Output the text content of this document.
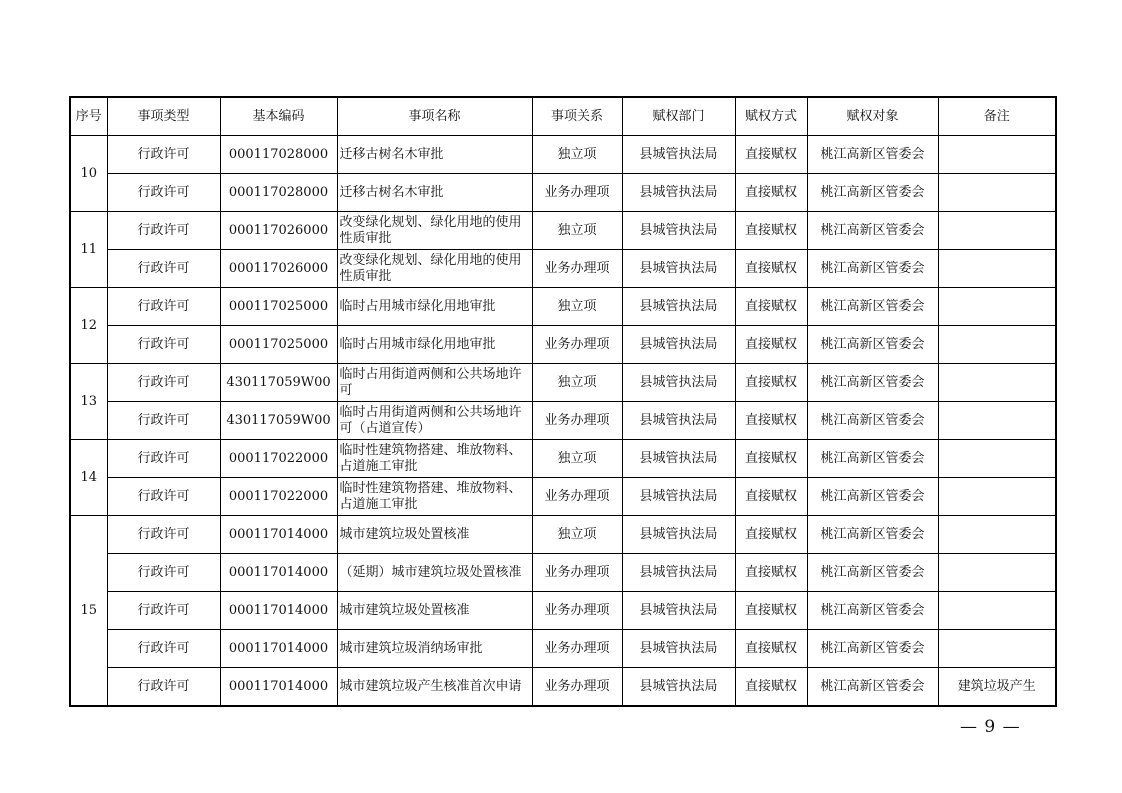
序号	事项类型	基本编码	事项名称	事项关系	赋权部门	赋权方式	赋权对象	备注
10	行政许可	000117028000	迁移古树名木审批	独立项	县城管执法局	直接赋权	桃江高新区管委会	
	行政许可	000117028000	迁移古树名木审批	业务办理项	县城管执法局	直接赋权	桃江高新区管委会	
11	行政许可	000117026000	改变绿化规划、绿化用地的使用性质审批	独立项	县城管执法局	直接赋权	桃江高新区管委会	
	行政许可	000117026000	改变绿化规划、绿化用地的使用性质审批	业务办理项	县城管执法局	直接赋权	桃江高新区管委会	
12	行政许可	000117025000	临时占用城市绿化用地审批	独立项	县城管执法局	直接赋权	桃江高新区管委会	
	行政许可	000117025000	临时占用城市绿化用地审批	业务办理项	县城管执法局	直接赋权	桃江高新区管委会	
13	行政许可	430117059W00	临时占用街道两侧和公共场地许可	独立项	县城管执法局	直接赋权	桃江高新区管委会	
	行政许可	430117059W00	临时占用街道两侧和公共场地许可（占道宣传）	业务办理项	县城管执法局	直接赋权	桃江高新区管委会	
14	行政许可	000117022000	临时性建筑物搭建、堆放物料、占道施工审批	独立项	县城管执法局	直接赋权	桃江高新区管委会	
	行政许可	000117022000	临时性建筑物搭建、堆放物料、占道施工审批	业务办理项	县城管执法局	直接赋权	桃江高新区管委会	
15	行政许可	000117014000	城市建筑垃圾处置核准	独立项	县城管执法局	直接赋权	桃江高新区管委会	
	行政许可	000117014000	（延期）城市建筑垃圾处置核准	业务办理项	县城管执法局	直接赋权	桃江高新区管委会	
	行政许可	000117014000	城市建筑垃圾处置核准	业务办理项	县城管执法局	直接赋权	桃江高新区管委会	
	行政许可	000117014000	城市建筑垃圾消纳场审批	业务办理项	县城管执法局	直接赋权	桃江高新区管委会	
	行政许可	000117014000	城市建筑垃圾产生核准首次申请	业务办理项	县城管执法局	直接赋权	桃江高新区管委会	建筑垃圾产生
— 9 —
